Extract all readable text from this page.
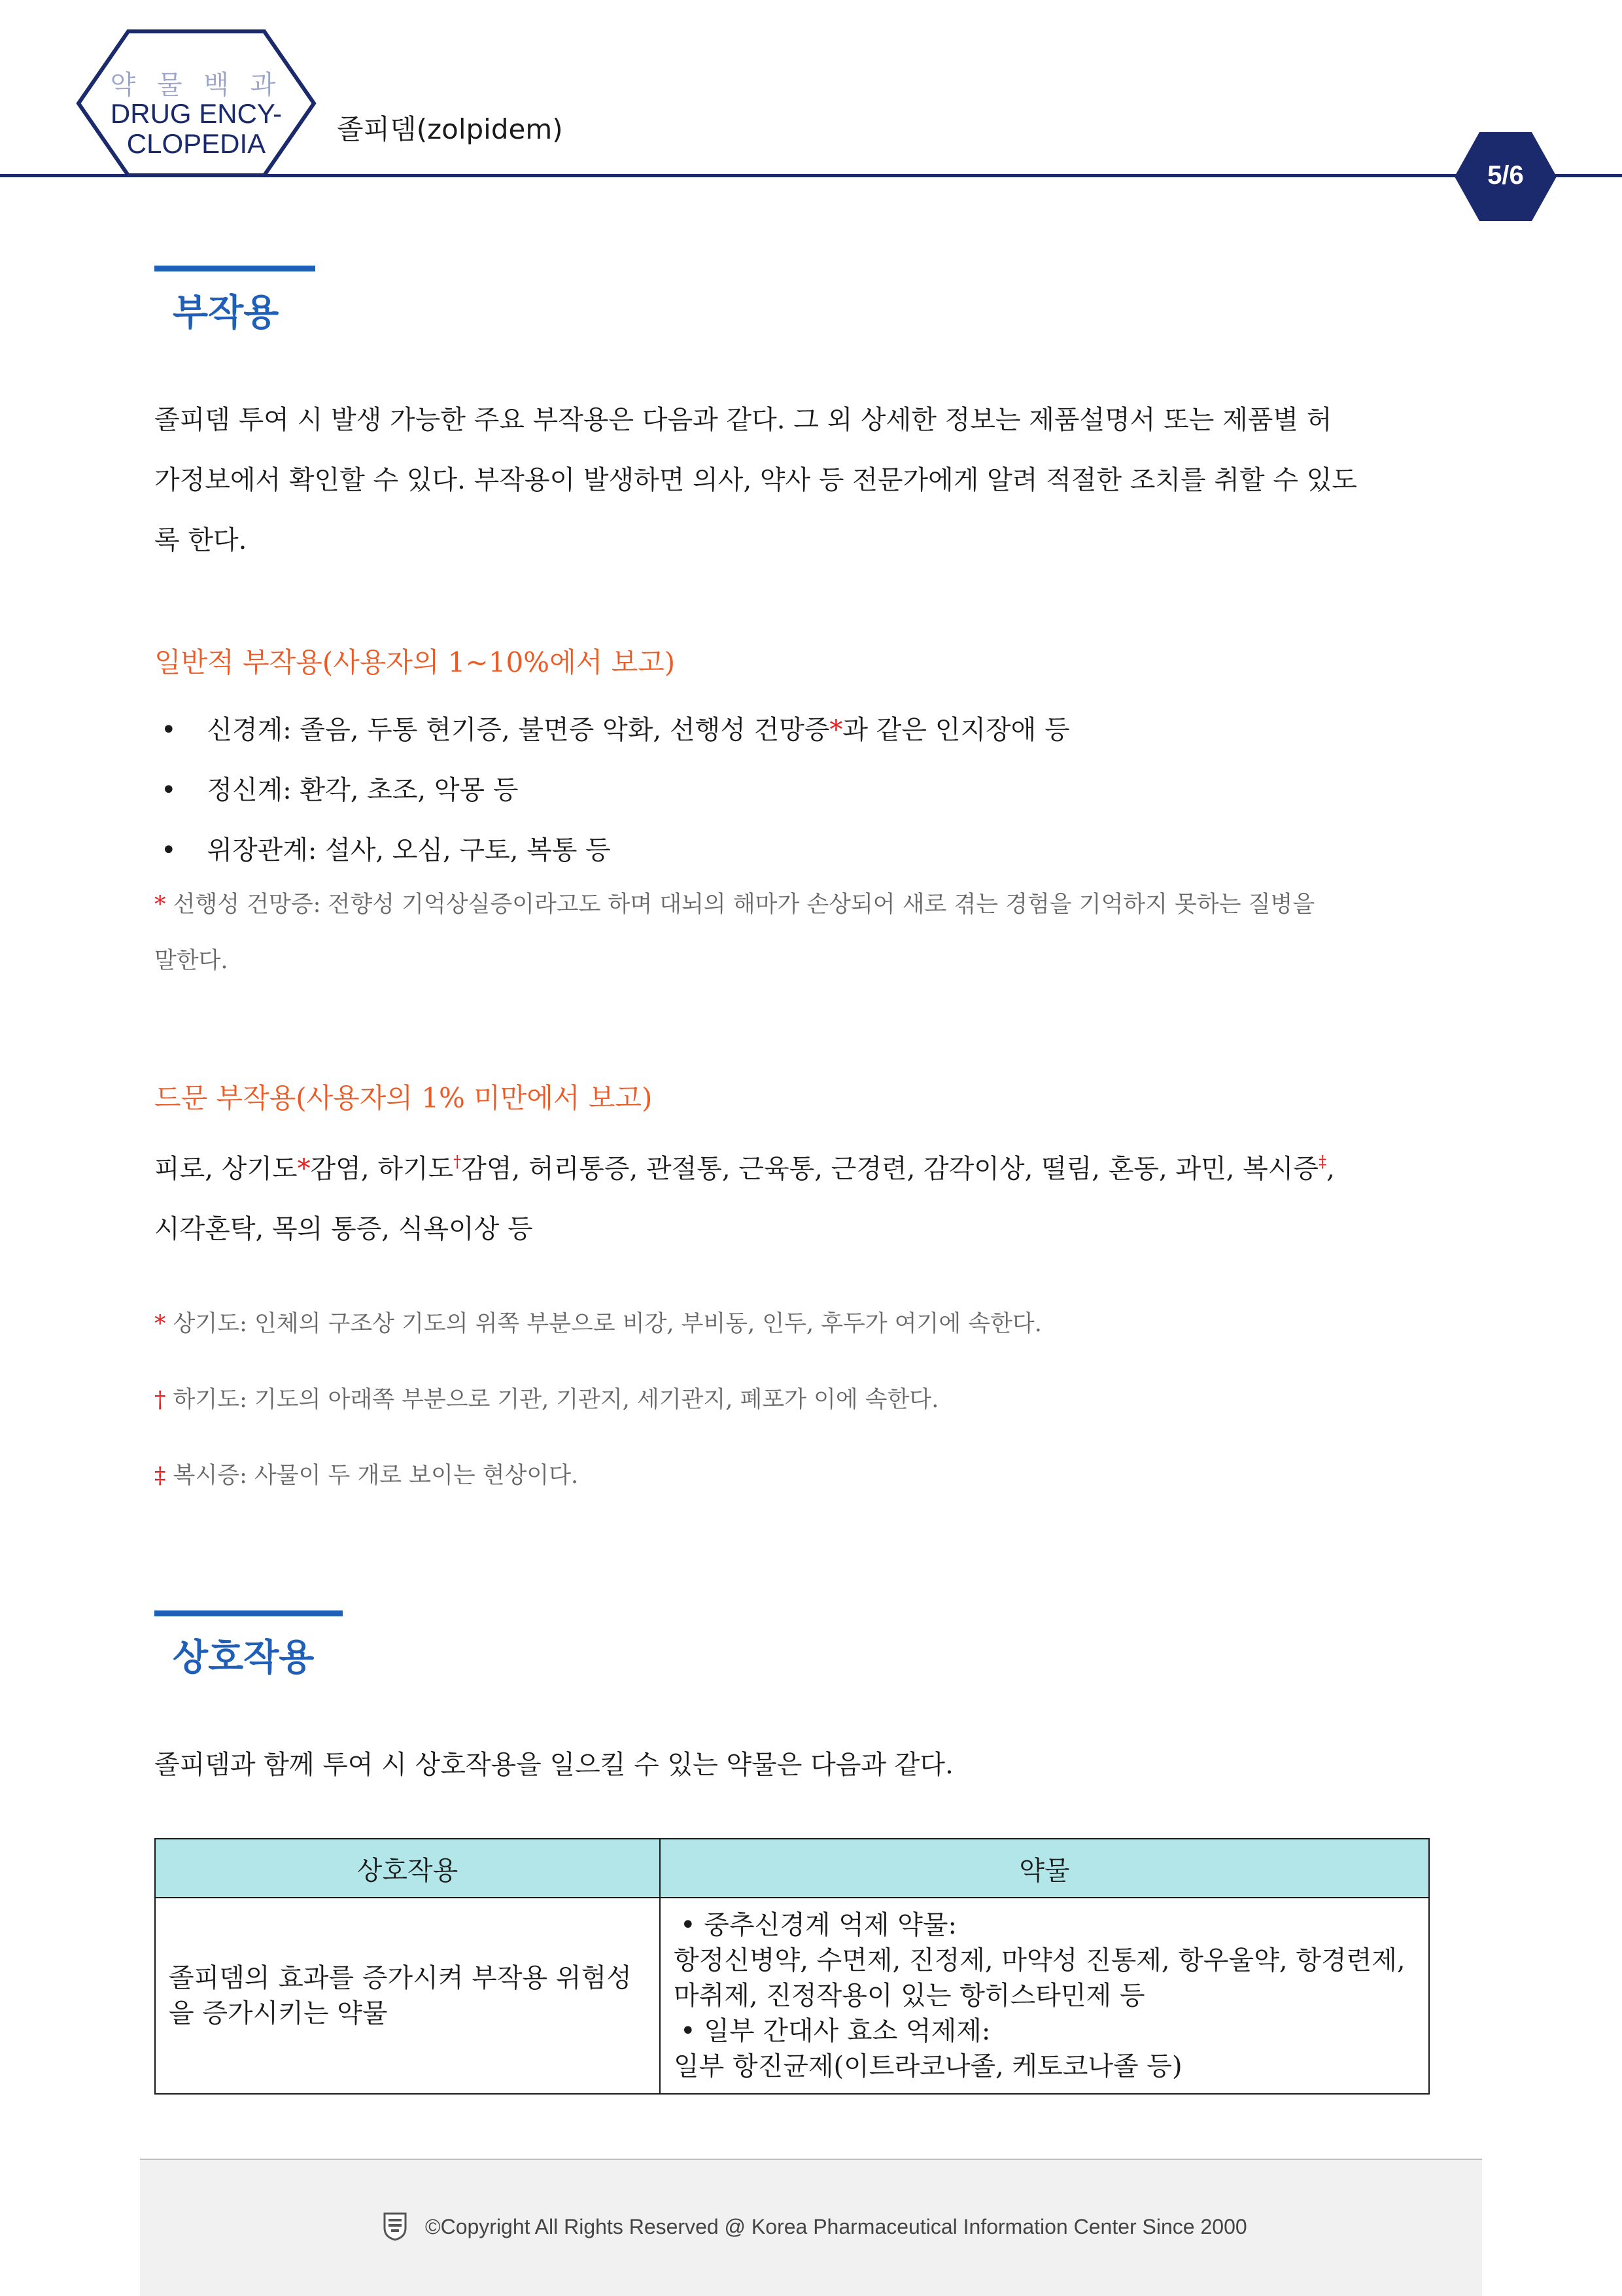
약 물 백 과
DRUG ENCY-
CLOPEDIA	졸피뎀(zolpidem)
5/6
부작용
졸피뎀 투여 시 발생 가능한 주요 부작용은 다음과 같다. 그 외 상세한 정보는 제품설명서 또는 제품별 허
가정보에서 확인할 수 있다. 부작용이 발생하면 의사, 약사 등 전문가에게 알려 적절한 조치를 취할 수 있도
록 한다.
일반적 부작용(사용자의 1~10%에서 보고)
• 신경계: 졸음, 두통 현기증, 불면증 악화, 선행성 건망증*과 같은 인지장애 등
• 정신계: 환각, 초조, 악몽 등
• 위장관계: 설사, 오심, 구토, 복통 등
* 선행성 건망증: 전향성 기억상실증이라고도 하며 대뇌의 해마가 손상되어 새로 겪는 경험을 기억하지 못하는 질병을
말한다.
드문 부작용(사용자의 1% 미만에서 보고)
피로, 상기도*감염, 하기도†감염, 허리통증, 관절통, 근육통, 근경련, 감각이상, 떨림, 혼동, 과민, 복시증‡,
시각혼탁, 목의 통증, 식욕이상 등
* 상기도: 인체의 구조상 기도의 위쪽 부분으로 비강, 부비동, 인두, 후두가 여기에 속한다.
† 하기도: 기도의 아래쪽 부분으로 기관, 기관지, 세기관지, 폐포가 이에 속한다.
‡ 복시증: 사물이 두 개로 보이는 현상이다.
상호작용
졸피뎀과 함께 투여 시 상호작용을 일으킬 수 있는 약물은 다음과 같다.
상호작용	약물
졸피뎀의 효과를 증가시켜 부작용 위험성을 증가시키는 약물	• 중추신경계 억제 약물:
항정신병약, 수면제, 진정제, 마약성 진통제, 항우울약, 항경련제, 마취제, 진정작용이 있는 항히스타민제 등
• 일부 간대사 효소 억제제:
일부 항진균제(이트라코나졸, 케토코나졸 등)
©Copyright All Rights Reserved @ Korea Pharmaceutical Information Center Since 2000
